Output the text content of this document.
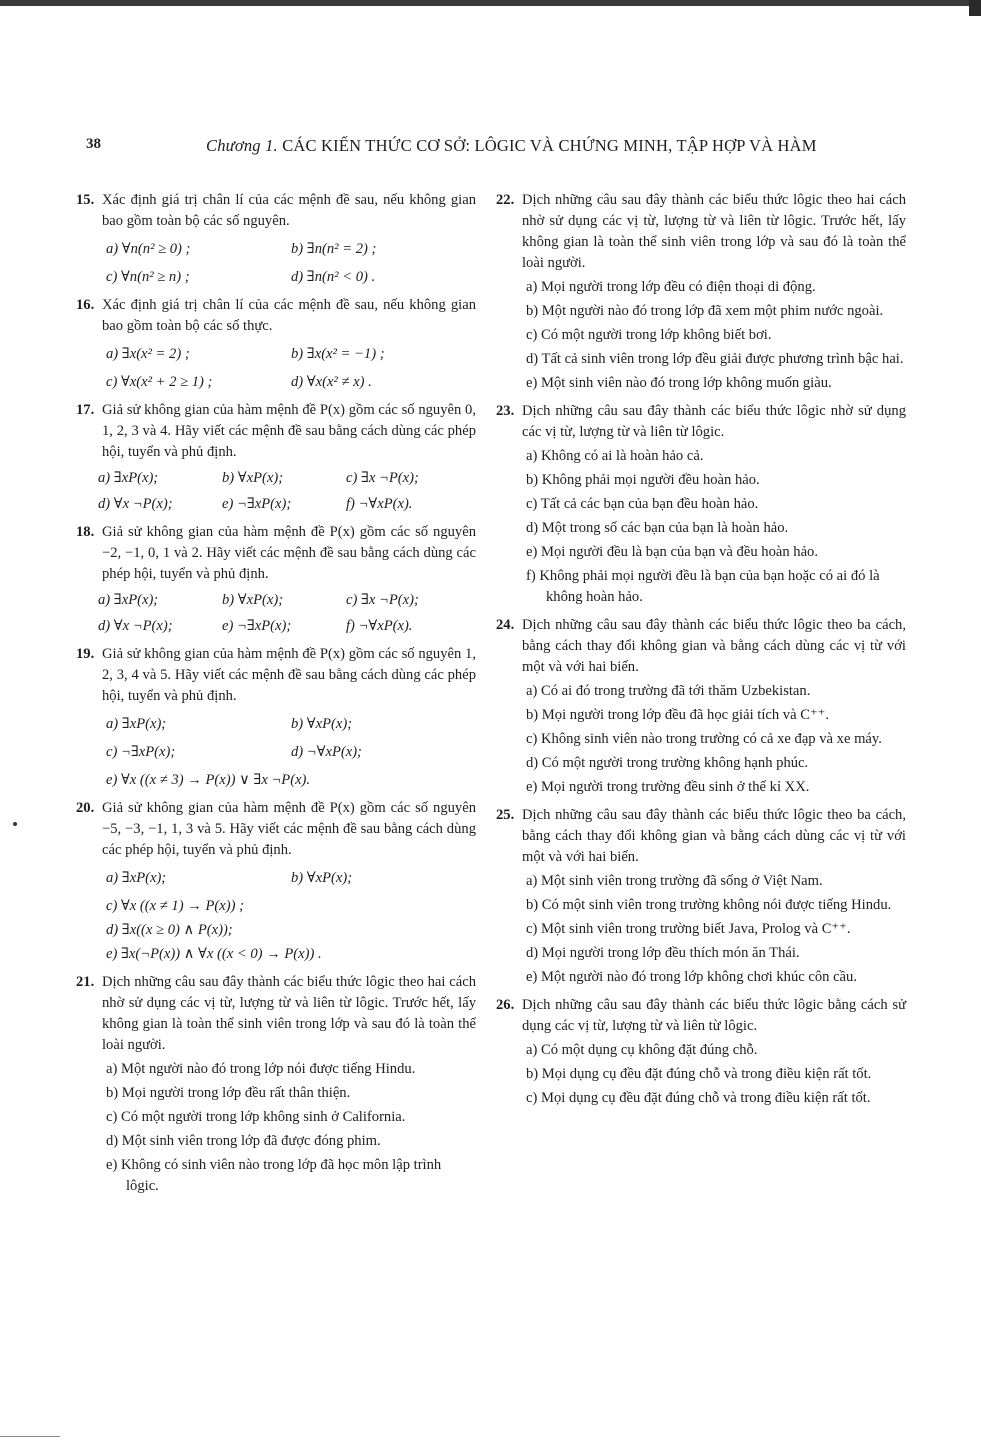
38	Chương 1. CÁC KIẾN THỨC CƠ SỞ: LÔGIC VÀ CHỨNG MINH, TẬP HỢP VÀ HÀM
15. Xác định giá trị chân lí của các mệnh đề sau, nếu không gian bao gồm toàn bộ các số nguyên.
a) ∀n(n² ≥ 0) ;	b) ∃n(n² = 2) ;
c) ∀n(n² ≥ n) ;	d) ∃n(n² < 0) .
16. Xác định giá trị chân lí của các mệnh đề sau, nếu không gian bao gồm toàn bộ các số thực.
a) ∃x(x² = 2) ;	b) ∃x(x² = −1) ;
c) ∀x(x² + 2 ≥ 1) ;	d) ∀x(x² ≠ x) .
17. Giả sử không gian của hàm mệnh đề P(x) gồm các số nguyên 0, 1, 2, 3 và 4. Hãy viết các mệnh đề sau bằng cách dùng các phép hội, tuyển và phủ định.
a) ∃xP(x);	b) ∀xP(x);	c) ∃x ¬P(x);
d) ∀x ¬P(x);	e) ¬∃xP(x);	f) ¬∀xP(x).
18. Giả sử không gian của hàm mệnh đề P(x) gồm các số nguyên −2, −1, 0, 1 và 2. Hãy viết các mệnh đề sau bằng cách dùng các phép hội, tuyển và phủ định.
a) ∃xP(x);	b) ∀xP(x);	c) ∃x ¬P(x);
d) ∀x ¬P(x);	e) ¬∃xP(x);	f) ¬∀xP(x).
19. Giả sử không gian của hàm mệnh đề P(x) gồm các số nguyên 1, 2, 3, 4 và 5. Hãy viết các mệnh đề sau bằng cách dùng các phép hội, tuyển và phủ định.
a) ∃xP(x);	b) ∀xP(x);
c) ¬∃xP(x);	d) ¬∀xP(x);
e) ∀x ((x ≠ 3) → P(x)) ∨ ∃x ¬P(x).
20. Giả sử không gian của hàm mệnh đề P(x) gồm các số nguyên −5, −3, −1, 1, 3 và 5. Hãy viết các mệnh đề sau bằng cách dùng các phép hội, tuyển và phủ định.
a) ∃xP(x);	b) ∀xP(x);
c) ∀x ((x ≠ 1) → P(x)) ;
d) ∃x((x ≥ 0) ∧ P(x));
e) ∃x(¬P(x)) ∧ ∀x ((x < 0) → P(x)) .
21. Dịch những câu sau đây thành các biểu thức lôgic theo hai cách nhờ sử dụng các vị từ, lượng từ và liên từ lôgic. Trước hết, lấy không gian là toàn thể sinh viên trong lớp và sau đó là toàn thể loài người.
a) Một người nào đó trong lớp nói được tiếng Hindu.
b) Mọi người trong lớp đều rất thân thiện.
c) Có một người trong lớp không sinh ở California.
d) Một sinh viên trong lớp đã được đóng phim.
e) Không có sinh viên nào trong lớp đã học môn lập trình lôgic.
22. Dịch những câu sau đây thành các biểu thức lôgic theo hai cách nhờ sử dụng các vị từ, lượng từ và liên từ lôgic. Trước hết, lấy không gian là toàn thể sinh viên trong lớp và sau đó là toàn thể loài người.
a) Mọi người trong lớp đều có điện thoại di động.
b) Một người nào đó trong lớp đã xem một phim nước ngoài.
c) Có một người trong lớp không biết bơi.
d) Tất cả sinh viên trong lớp đều giải được phương trình bậc hai.
e) Một sinh viên nào đó trong lớp không muốn giàu.
23. Dịch những câu sau đây thành các biểu thức lôgic nhờ sử dụng các vị từ, lượng từ và liên từ lôgic.
a) Không có ai là hoàn hảo cả.
b) Không phải mọi người đều hoàn hảo.
c) Tất cả các bạn của bạn đều hoàn hảo.
d) Một trong số các bạn của bạn là hoàn hảo.
e) Mọi người đều là bạn của bạn và đều hoàn hảo.
f) Không phải mọi người đều là bạn của bạn hoặc có ai đó là không hoàn hảo.
24. Dịch những câu sau đây thành các biểu thức lôgic theo ba cách, bằng cách thay đổi không gian và bằng cách dùng các vị từ với một và với hai biến.
a) Có ai đó trong trường đã tới thăm Uzbekistan.
b) Mọi người trong lớp đều đã học giải tích và C⁺⁺.
c) Không sinh viên nào trong trường có cả xe đạp và xe máy.
d) Có một người trong trường không hạnh phúc.
e) Mọi người trong trường đều sinh ở thế kỉ XX.
25. Dịch những câu sau đây thành các biểu thức lôgic theo ba cách, bằng cách thay đổi không gian và bằng cách dùng các vị từ với một và với hai biến.
a) Một sinh viên trong trường đã sống ở Việt Nam.
b) Có một sinh viên trong trường không nói được tiếng Hindu.
c) Một sinh viên trong trường biết Java, Prolog và C⁺⁺.
d) Mọi người trong lớp đều thích món ăn Thái.
e) Một người nào đó trong lớp không chơi khúc côn cầu.
26. Dịch những câu sau đây thành các biểu thức lôgic bằng cách sử dụng các vị từ, lượng từ và liên từ lôgic.
a) Có một dụng cụ không đặt đúng chỗ.
b) Mọi dụng cụ đều đặt đúng chỗ và trong điều kiện rất tốt.
c) Mọi dụng cụ đều đặt đúng chỗ và trong điều kiện rất tốt.
